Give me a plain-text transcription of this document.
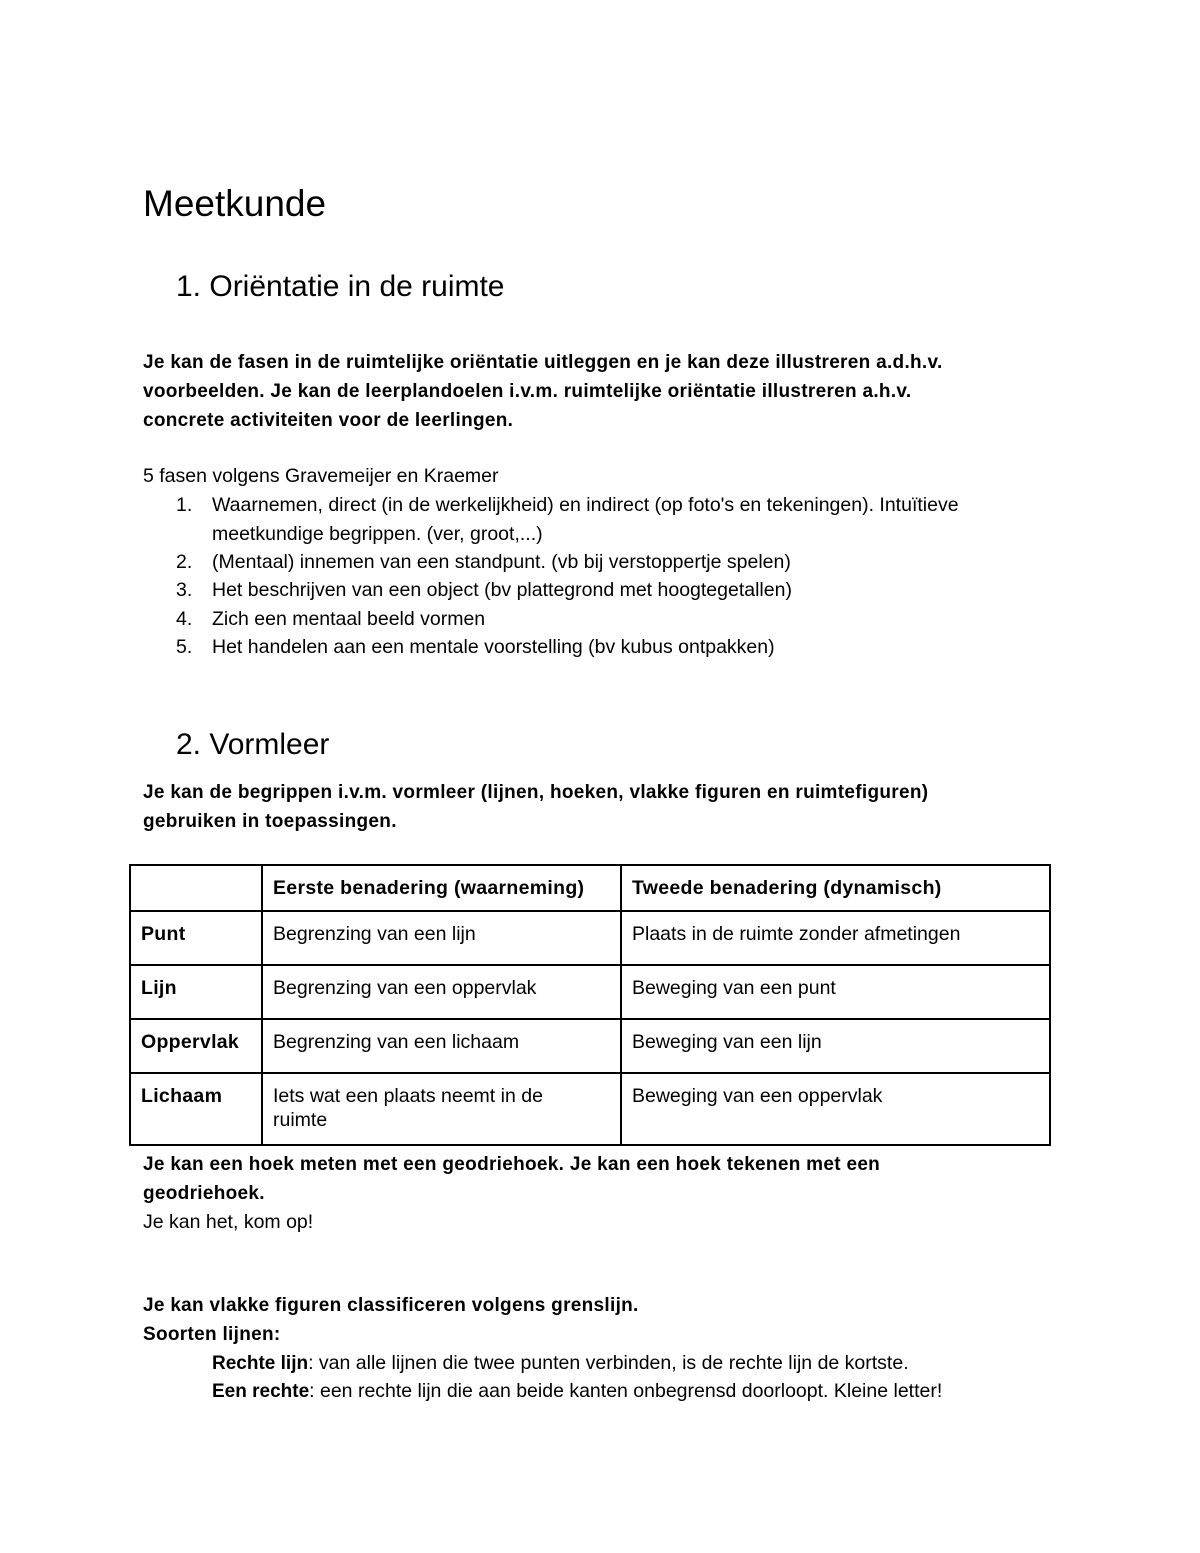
Meetkunde
1. Oriëntatie in de ruimte

Je kan de fasen in de ruimtelijke oriëntatie uitleggen en je kan deze illustreren a.d.h.v.

voorbeelden. Je kan de leerplandoelen i.v.m. ruimtelijke oriëntatie illustreren a.h.v.

concrete activiteiten voor de leerlingen.

5 fasen volgens Gravemeijer en Kraemer

1. Waarnemen, direct (in de werkelijkheid) en indirect (op foto's en tekeningen). Intuïtieve
meetkundige begrippen. (ver, groot,...)
2. (Mentaal) innemen van een standpunt. (vb bij verstoppertje spelen)
3. Het beschrijven van een object (bv plattegrond met hoogtegetallen)
4. Zich een mentaal beeld vormen
5. Het handelen aan een mentale voorstelling (bv kubus ontpakken)
2. Vormleer

Je kan de begrippen i.v.m. vormleer (lijnen, hoeken, vlakke figuren en ruimtefiguren)

gebruiken in toepassingen.

	Eerste benadering (waarneming)	Tweede benadering (dynamisch)
Punt	Begrenzing van een lijn	Plaats in de ruimte zonder afmetingen
Lijn	Begrenzing van een oppervlak	Beweging van een punt
Oppervlak	Begrenzing van een lichaam	Beweging van een lijn
Lichaam	Iets wat een plaats neemt in de ruimte	Beweging van een oppervlak

Je kan een hoek meten met een geodriehoek. Je kan een hoek tekenen met een

geodriehoek.

Je kan het, kom op!

Je kan vlakke figuren classificeren volgens grenslijn.

Soorten lijnen:

Rechte lijn: van alle lijnen die twee punten verbinden, is de rechte lijn de kortste.

Een rechte: een rechte lijn die aan beide kanten onbegrensd doorloopt. Kleine letter!
